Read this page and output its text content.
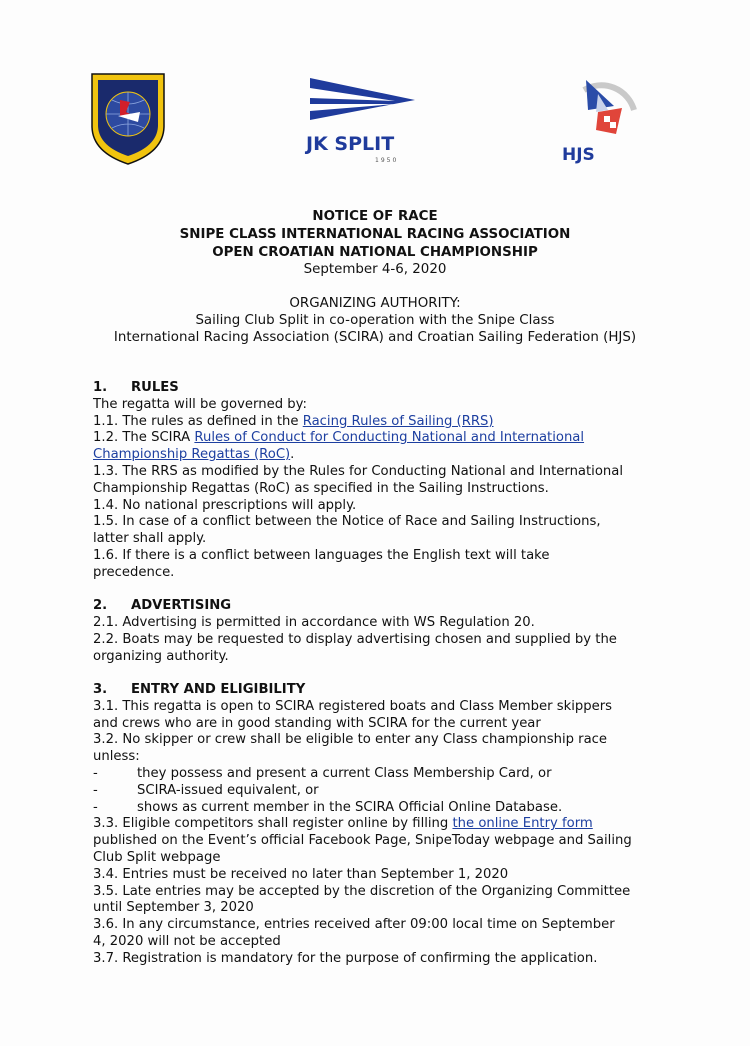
JK SPLIT
1950	HJS
NOTICE OF RACE
SNIPE CLASS INTERNATIONAL RACING ASSOCIATION
OPEN CROATIAN NATIONAL CHAMPIONSHIP
September 4-6, 2020
ORGANIZING AUTHORITY:
Sailing Club Split in co-operation with the Snipe Class
International Racing Association (SCIRA) and Croatian Sailing Federation (HJS)

1. RULES

The regatta will be governed by:

1.1. The rules as defined in the Racing Rules of Sailing (RRS)

1.2. The SCIRA Rules of Conduct for Conducting National and International

Championship Regattas (RoC).

1.3. The RRS as modified by the Rules for Conducting National and International

Championship Regattas (RoC) as specified in the Sailing Instructions.

1.4. No national prescriptions will apply.

1.5. In case of a conflict between the Notice of Race and Sailing Instructions,

latter shall apply.

1.6. If there is a conflict between languages the English text will take

precedence.

2. ADVERTISING

2.1. Advertising is permitted in accordance with WS Regulation 20.

2.2. Boats may be requested to display advertising chosen and supplied by the

organizing authority.

3. ENTRY AND ELIGIBILITY

3.1. This regatta is open to SCIRA registered boats and Class Member skippers

and crews who are in good standing with SCIRA for the current year

3.2. No skipper or crew shall be eligible to enter any Class championship race

unless:

-	they possess and present a current Class Membership Card, or

-	SCIRA-issued equivalent, or

-	shows as current member in the SCIRA Official Online Database.

3.3. Eligible competitors shall register online by filling the online Entry form

published on the Event’s official Facebook Page, SnipeToday webpage and Sailing

Club Split webpage

3.4. Entries must be received no later than September 1, 2020

3.5. Late entries may be accepted by the discretion of the Organizing Committee

until September 3, 2020

3.6. In any circumstance, entries received after 09:00 local time on September

4, 2020 will not be accepted

3.7. Registration is mandatory for the purpose of confirming the application.
